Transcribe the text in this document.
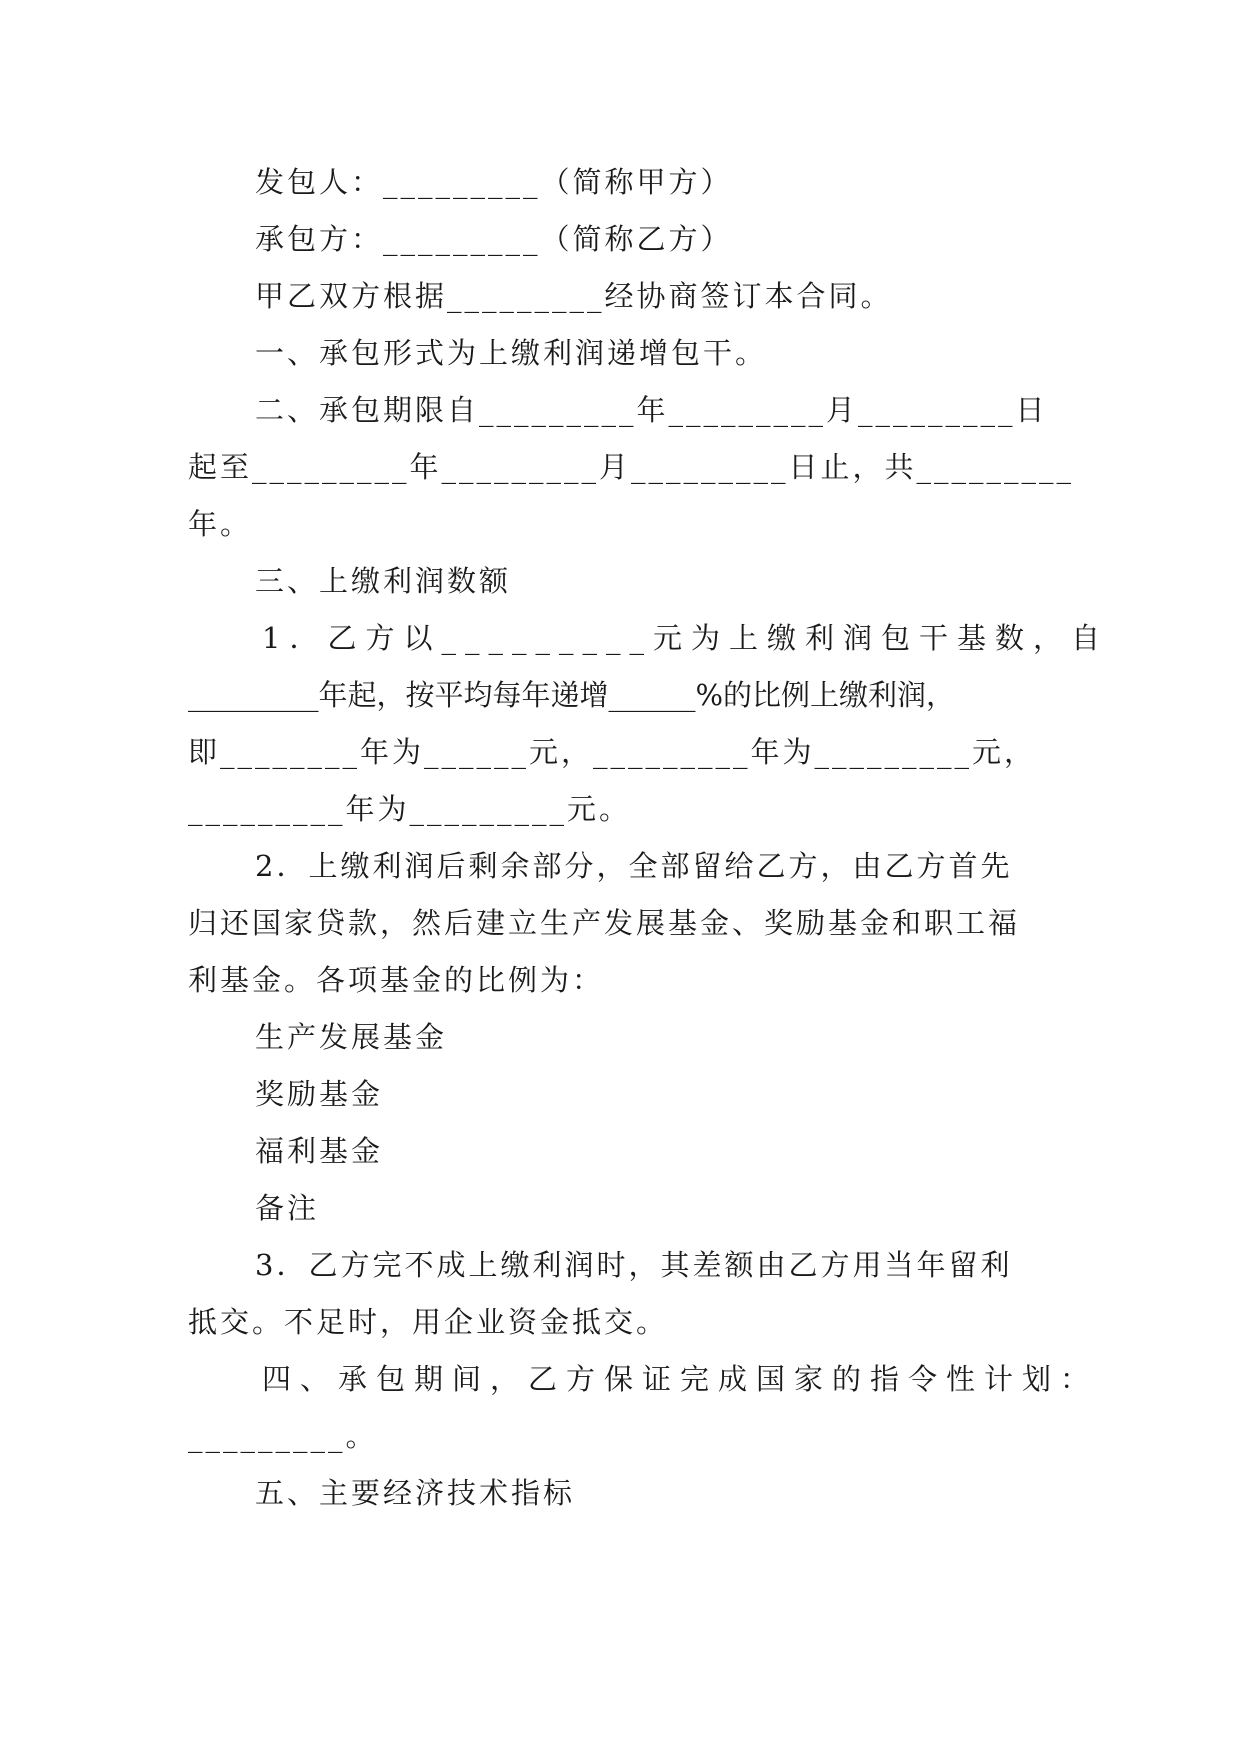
发包人：_________（简称甲方）
承包方：_________（简称乙方）
甲乙双方根据_________经协商签订本合同。
一、承包形式为上缴利润递增包干。
二、承包期限自_________年_________月_________日
起至_________年_________月_________日止，共_________
年。
三、上缴利润数额
1．乙方以_________元为上缴利润包干基数，自
_________年起，按平均每年递增______%的比例上缴利润，
即________年为______元，_________年为_________元，
_________年为_________元。
2．上缴利润后剩余部分，全部留给乙方，由乙方首先
归还国家贷款，然后建立生产发展基金、奖励基金和职工福
利基金。各项基金的比例为：
生产发展基金
奖励基金
福利基金
备注
3．乙方完不成上缴利润时，其差额由乙方用当年留利
抵交。不足时，用企业资金抵交。
四、承包期间，乙方保证完成国家的指令性计划：
_________。
五、主要经济技术指标
